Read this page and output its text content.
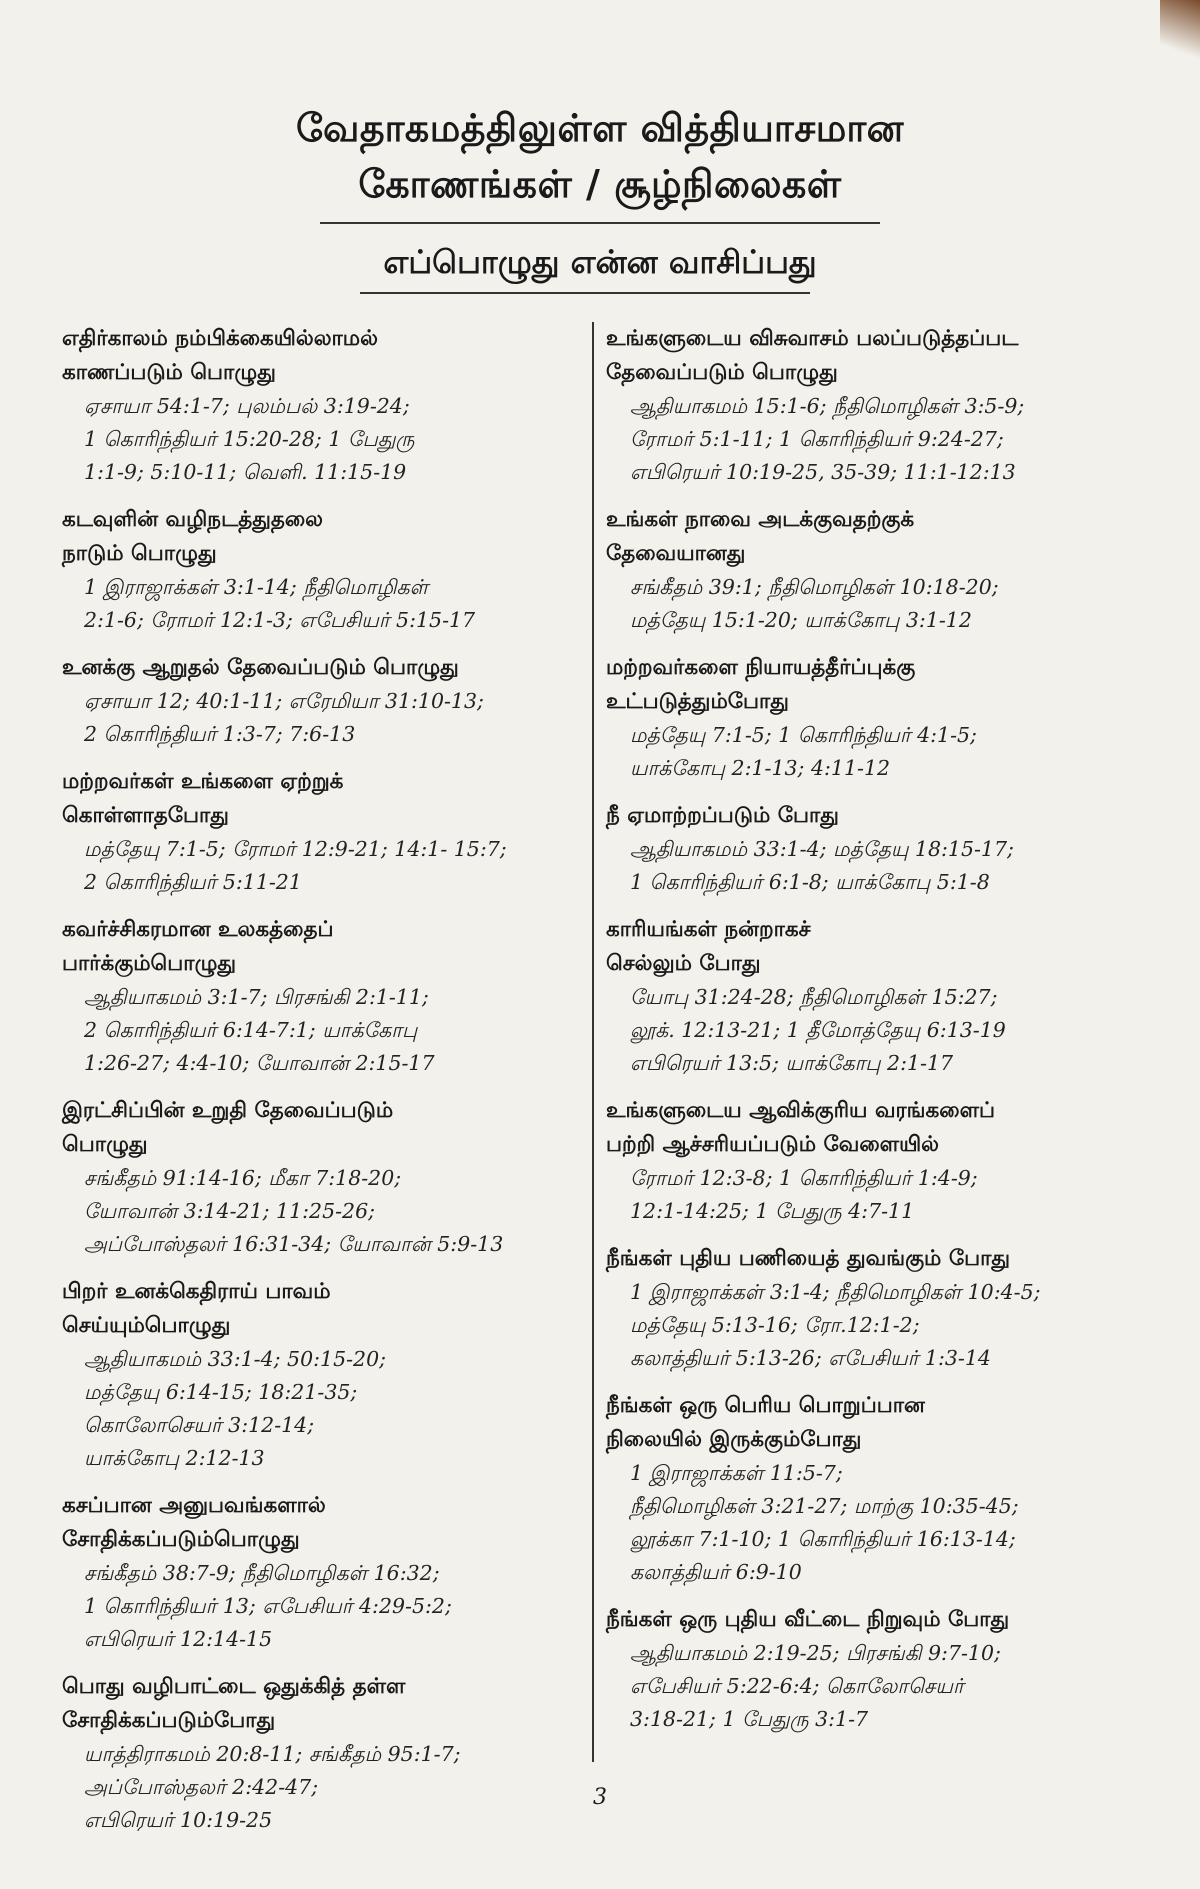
வேதாகமத்திலுள்ள வித்தியாசமான
கோணங்கள் / சூழ்நிலைகள்
எப்பொழுது என்ன வாசிப்பது
எதிர்காலம் நம்பிக்கையில்லாமல்
காணப்படும் பொழுது
ஏசாயா 54:1-7; புலம்பல் 3:19-24;
1 கொரிந்தியர் 15:20-28; 1 பேதுரு
1:1-9; 5:10-11; வெளி. 11:15-19
கடவுளின் வழிநடத்துதலை
நாடும் பொழுது
1 இராஜாக்கள் 3:1-14; நீதிமொழிகள்
2:1-6; ரோமர் 12:1-3; எபேசியர் 5:15-17
உனக்கு ஆறுதல் தேவைப்படும் பொழுது
ஏசாயா 12; 40:1-11; எரேமியா 31:10-13;
2 கொரிந்தியர் 1:3-7; 7:6-13
மற்றவர்கள் உங்களை ஏற்றுக்
கொள்ளாதபோது
மத்தேயு 7:1-5; ரோமர் 12:9-21; 14:1- 15:7;
2 கொரிந்தியர் 5:11-21
கவர்ச்சிகரமான உலகத்தைப்
பார்க்கும்பொழுது
ஆதியாகமம் 3:1-7; பிரசங்கி 2:1-11;
2 கொரிந்தியர் 6:14-7:1; யாக்கோபு
1:26-27; 4:4-10; யோவான் 2:15-17
இரட்சிப்பின் உறுதி தேவைப்படும்
பொழுது
சங்கீதம் 91:14-16; மீகா 7:18-20;
யோவான் 3:14-21; 11:25-26;
அப்போஸ்தலர் 16:31-34; யோவான் 5:9-13
பிறர் உனக்கெதிராய் பாவம்
செய்யும்பொழுது
ஆதியாகமம் 33:1-4; 50:15-20;
மத்தேயு 6:14-15; 18:21-35;
கொலோசெயர் 3:12-14;
யாக்கோபு 2:12-13
கசப்பான அனுபவங்களால்
சோதிக்கப்படும்பொழுது
சங்கீதம் 38:7-9; நீதிமொழிகள் 16:32;
1 கொரிந்தியர் 13; எபேசியர் 4:29-5:2;
எபிரெயர் 12:14-15
பொது வழிபாட்டை ஒதுக்கித் தள்ள
சோதிக்கப்படும்போது
யாத்திராகமம் 20:8-11; சங்கீதம் 95:1-7;
அப்போஸ்தலர் 2:42-47;
எபிரெயர் 10:19-25
உங்களுடைய விசுவாசம் பலப்படுத்தப்பட
தேவைப்படும் பொழுது
ஆதியாகமம் 15:1-6; நீதிமொழிகள் 3:5-9;
ரோமர் 5:1-11; 1 கொரிந்தியர் 9:24-27;
எபிரெயர் 10:19-25, 35-39; 11:1-12:13
உங்கள் நாவை அடக்குவதற்குக்
தேவையானது
சங்கீதம் 39:1; நீதிமொழிகள் 10:18-20;
மத்தேயு 15:1-20; யாக்கோபு 3:1-12
மற்றவர்களை நியாயத்தீர்ப்புக்கு
உட்படுத்தும்போது
மத்தேயு 7:1-5; 1 கொரிந்தியர் 4:1-5;
யாக்கோபு 2:1-13; 4:11-12
நீ ஏமாற்றப்படும் போது
ஆதியாகமம் 33:1-4; மத்தேயு 18:15-17;
1 கொரிந்தியர் 6:1-8; யாக்கோபு 5:1-8
காரியங்கள் நன்றாகச்
செல்லும் போது
யோபு 31:24-28; நீதிமொழிகள் 15:27;
லூக். 12:13-21; 1 தீமோத்தேயு 6:13-19
எபிரெயர் 13:5; யாக்கோபு 2:1-17
உங்களுடைய ஆவிக்குரிய வரங்களைப்
பற்றி ஆச்சரியப்படும் வேளையில்
ரோமர் 12:3-8; 1 கொரிந்தியர் 1:4-9;
12:1-14:25; 1 பேதுரு 4:7-11
நீங்கள் புதிய பணியைத் துவங்கும் போது
1 இராஜாக்கள் 3:1-4; நீதிமொழிகள் 10:4-5;
மத்தேயு 5:13-16; ரோ.12:1-2;
கலாத்தியர் 5:13-26; எபேசியர் 1:3-14
நீங்கள் ஒரு பெரிய பொறுப்பான
நிலையில் இருக்கும்போது
1 இராஜாக்கள் 11:5-7;
நீதிமொழிகள் 3:21-27; மாற்கு 10:35-45;
லூக்கா 7:1-10; 1 கொரிந்தியர் 16:13-14;
கலாத்தியர் 6:9-10
நீங்கள் ஒரு புதிய வீட்டை நிறுவும் போது
ஆதியாகமம் 2:19-25; பிரசங்கி 9:7-10;
எபேசியர் 5:22-6:4; கொலோசெயர்
3:18-21; 1 பேதுரு 3:1-7
3
